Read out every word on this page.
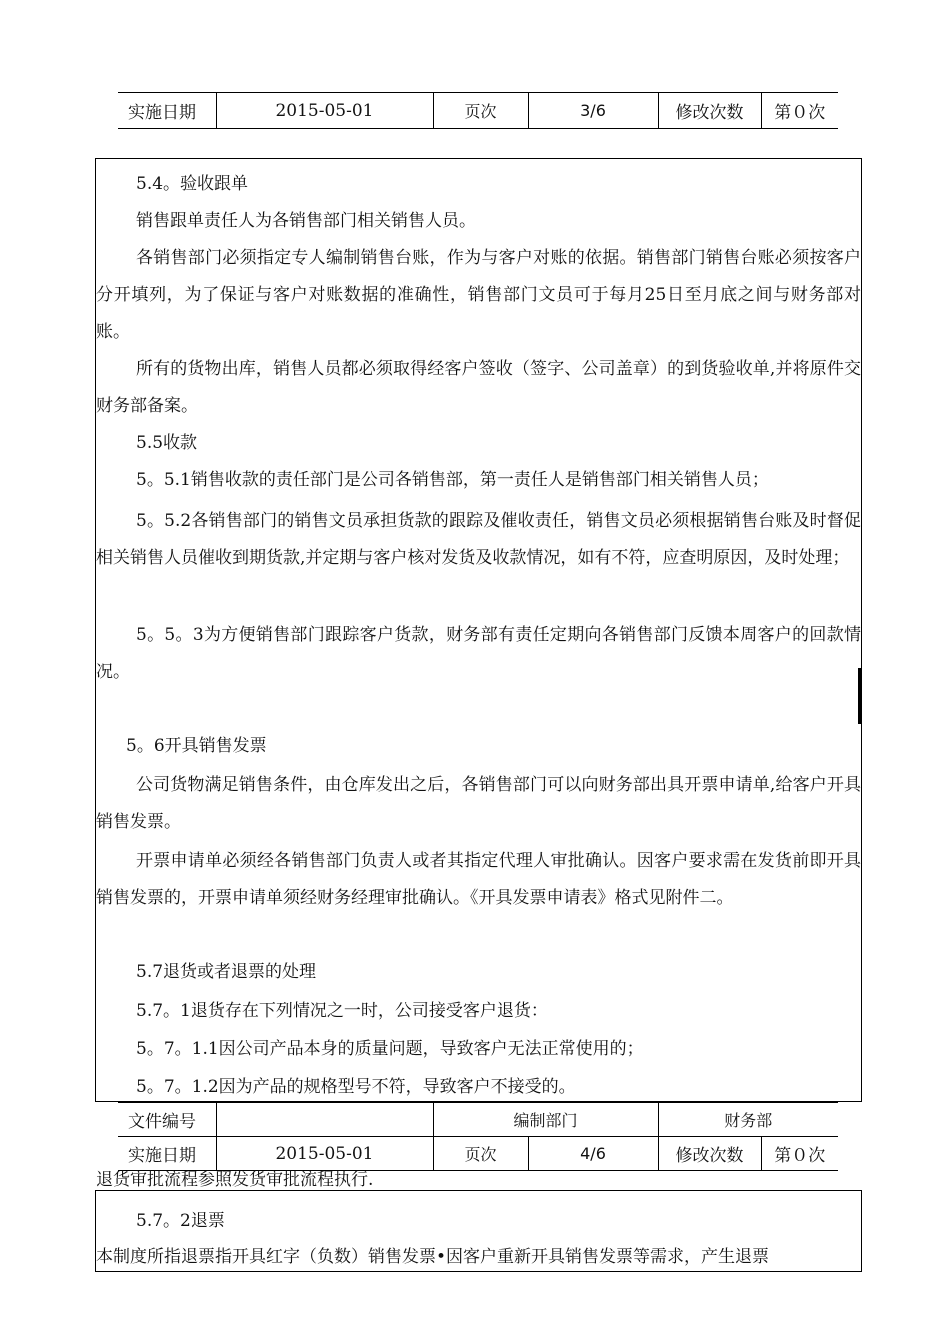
实施日期	2015-05-01	页次	3/6	修改次数	第０次

5.4。验收跟单

销售跟单责任人为各销售部门相关销售人员。

各销售部门必须指定专人编制销售台账，作为与客户对账的依据。销售部门销售台账必须按客户分开填列，为了保证与客户对账数据的准确性，销售部门文员可于每月25日至月底之间与财务部对账。

所有的货物出库，销售人员都必须取得经客户签收（签字、公司盖章）的到货验收单,并将原件交财务部备案。

5.5收款

5。5.1销售收款的责任部门是公司各销售部，第一责任人是销售部门相关销售人员；

5。5.2各销售部门的销售文员承担货款的跟踪及催收责任，销售文员必须根据销售台账及时督促相关销售人员催收到期货款,并定期与客户核对发货及收款情况，如有不符，应查明原因，及时处理；

5。5。3为方便销售部门跟踪客户货款，财务部有责任定期向各销售部门反馈本周客户的回款情况。

5。6开具销售发票

公司货物满足销售条件，由仓库发出之后，各销售部门可以向财务部出具开票申请单,给客户开具销售发票。

开票申请单必须经各销售部门负责人或者其指定代理人审批确认。因客户要求需在发货前即开具销售发票的，开票申请单须经财务经理审批确认。《开具发票申请表》格式见附件二。

5.7退货或者退票的处理

5.7。1退货存在下列情况之一时，公司接受客户退货：

5。7。1.1因公司产品本身的质量问题，导致客户无法正常使用的；

5。7。1.2因为产品的规格型号不符，导致客户不接受的。

文件编号		编制部门		财务部	
实施日期	2015-05-01	页次	4/6	修改次数	第０次

退货审批流程参照发货审批流程执行.

5.7。2退票

本制度所指退票指开具红字（负数）销售发票•因客户重新开具销售发票等需求，产生退票
